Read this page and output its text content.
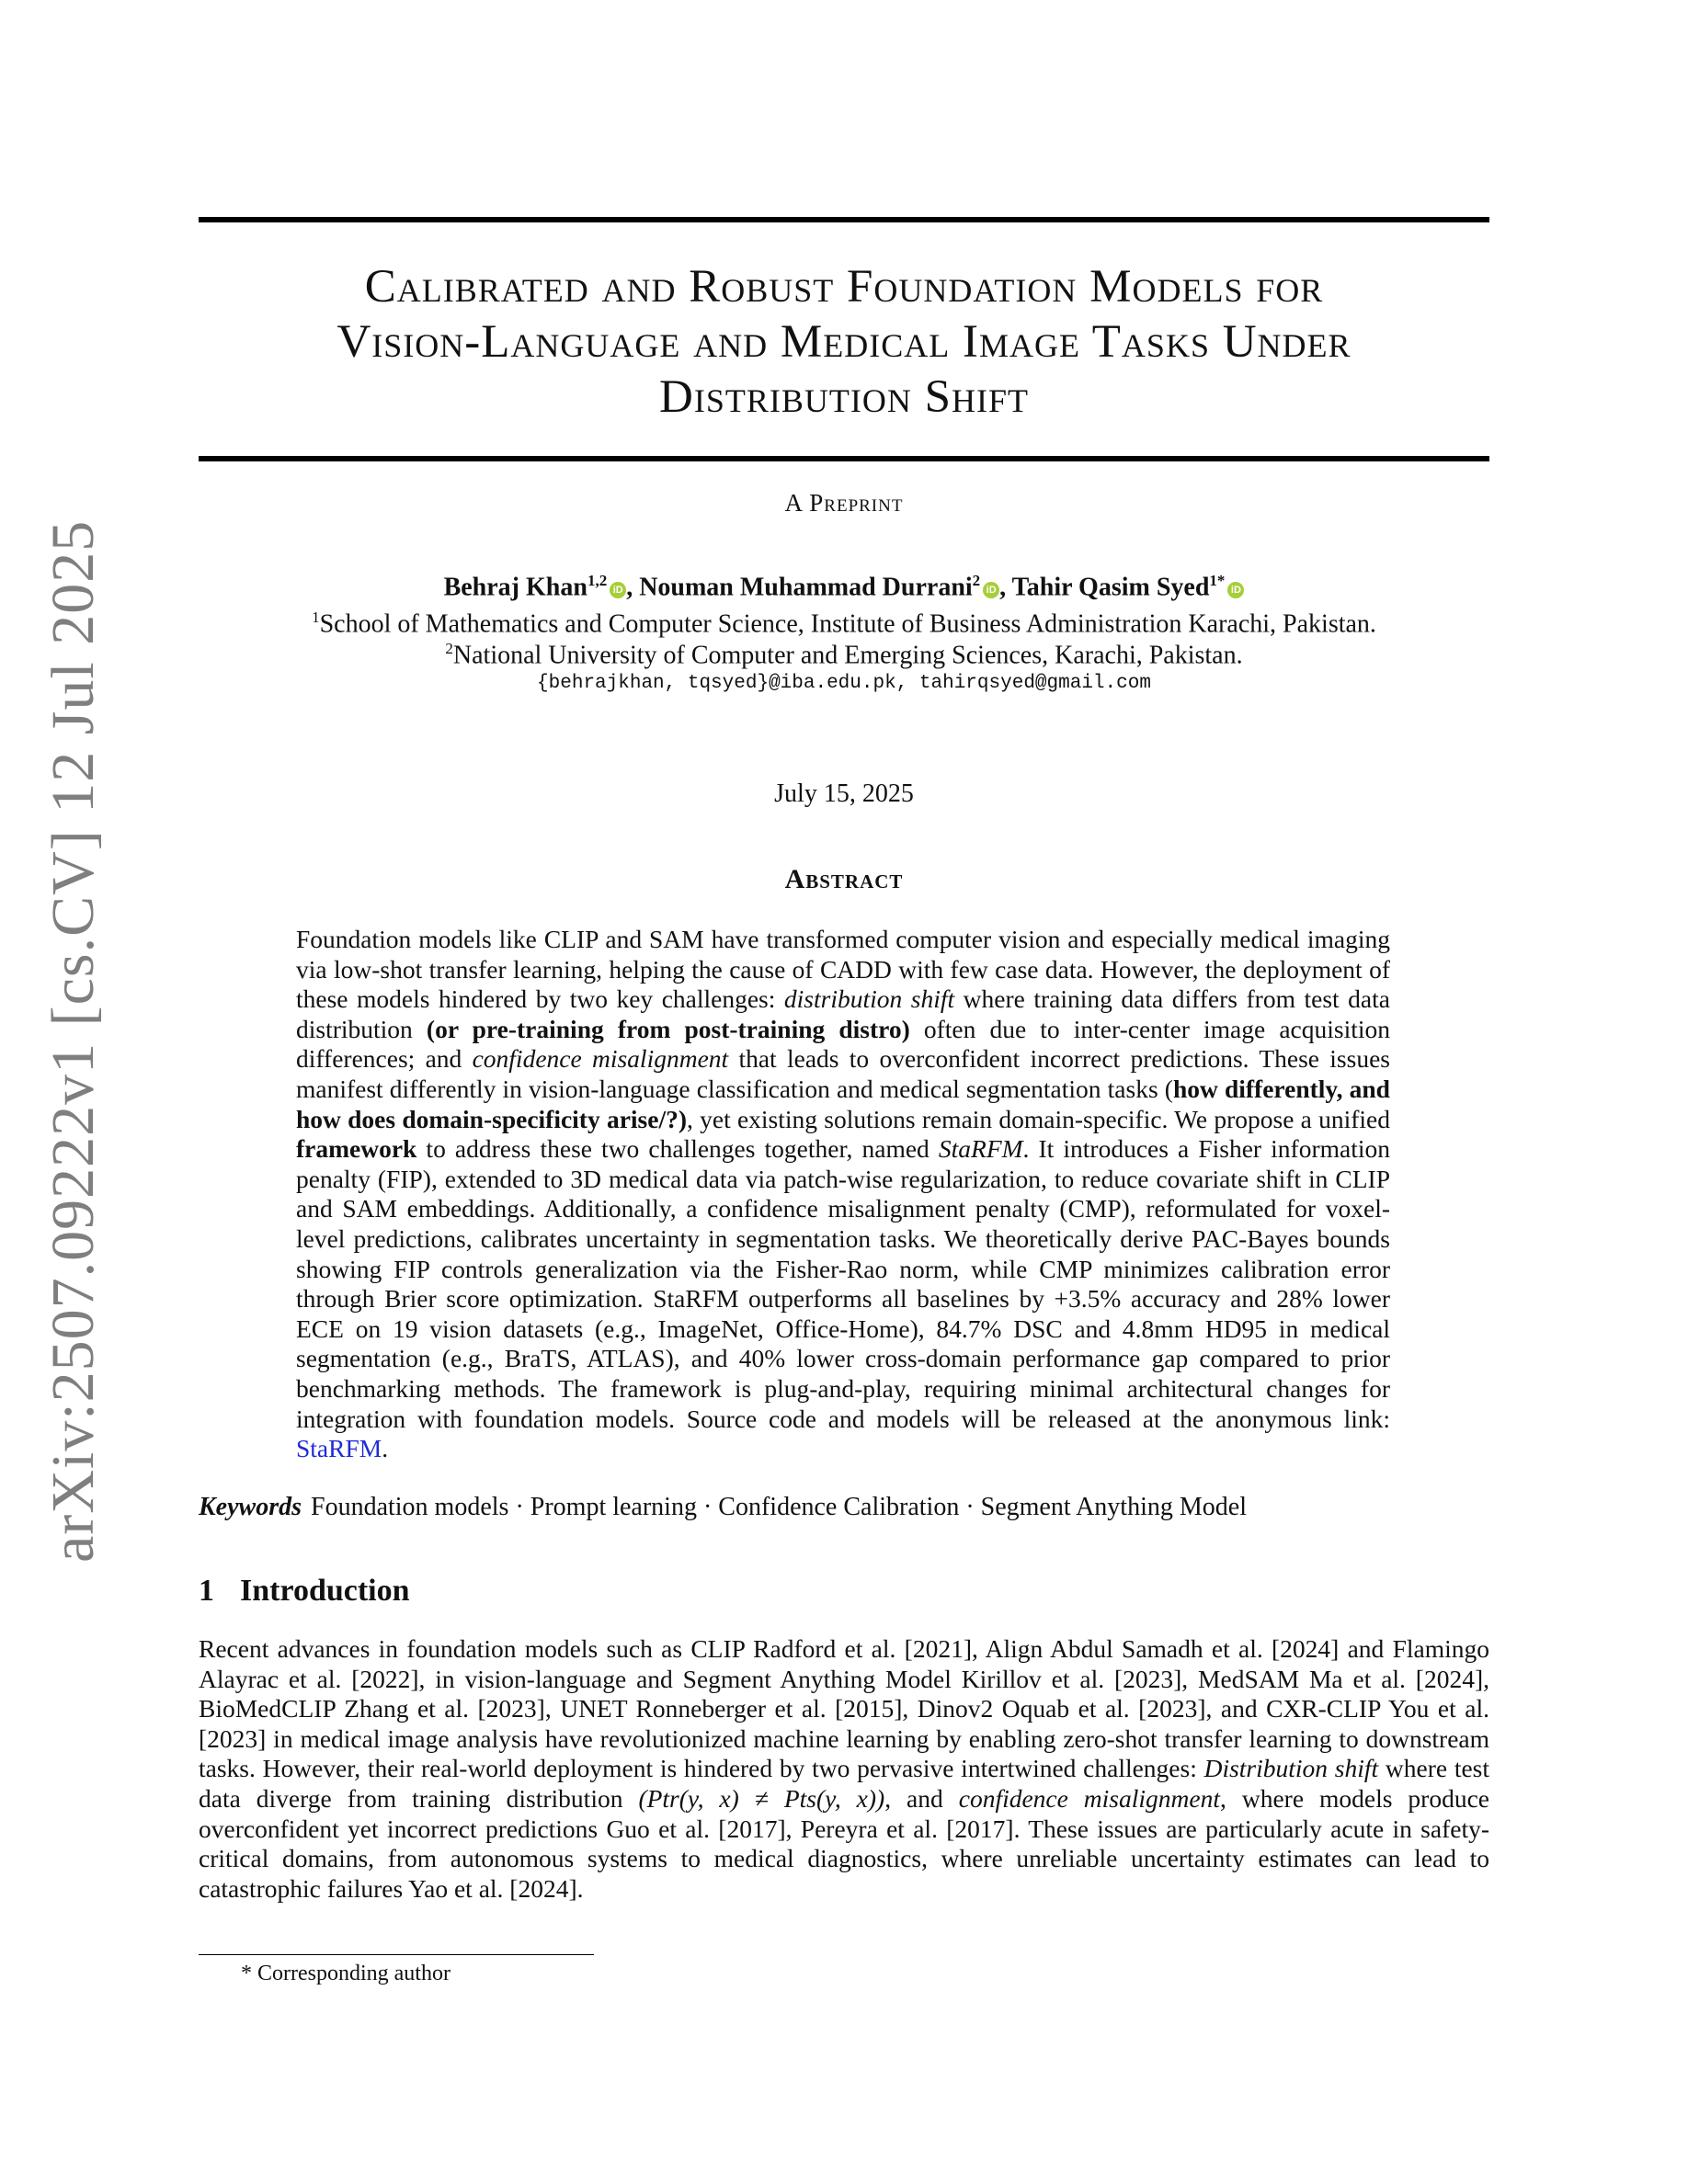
arXiv:2507.09222v1 [cs.CV] 12 Jul 2025
Calibrated and Robust Foundation Models for
Vision-Language and Medical Image Tasks Under
Distribution Shift
A Preprint
Behraj Khan$^{1,2}$iD , Nouman Muhammad Durrani$^2$iD , Tahir Qasim Syed$^{1*}$iD
$^1$School of Mathematics and Computer Science, Institute of Business Administration Karachi, Pakistan.
$^2$National University of Computer and Emerging Sciences, Karachi, Pakistan.
{behrajkhan, tqsyed}@iba.edu.pk, tahirqsyed@gmail.com
July 15, 2025
Abstract
Foundation models like CLIP and SAM have transformed computer vision and especially medical imaging via low-shot transfer learning, helping the cause of CADD with few case data. However, the deployment of these models hindered by two key challenges: distribution shift where training data differs from test data distribution (or pre-training from post-training distro) often due to inter-center image acquisition differences; and confidence misalignment that leads to overconfident incorrect predictions. These issues manifest differently in vision-language classification and medical segmentation tasks (how differently, and how does domain-specificity arise/?), yet existing solutions remain domain-specific. We propose a unified framework to address these two challenges together, named StaRFM. It introduces a Fisher information penalty (FIP), extended to 3D medical data via patch-wise regularization, to reduce covariate shift in CLIP and SAM embeddings. Additionally, a confidence misalignment penalty (CMP), reformulated for voxel-level predictions, calibrates uncertainty in segmentation tasks. We theoretically derive PAC-Bayes bounds showing FIP controls generalization via the Fisher-Rao norm, while CMP minimizes calibration error through Brier score optimization. StaRFM outperforms all baselines by +3.5% accuracy and 28% lower ECE on 19 vision datasets (e.g., ImageNet, Office-Home), 84.7% DSC and 4.8mm HD95 in medical segmentation (e.g., BraTS, ATLAS), and 40% lower cross-domain performance gap compared to prior benchmarking methods. The framework is plug-and-play, requiring minimal architectural changes for integration with foundation models. Source code and models will be released at the anonymous link: StaRFM.
Keywords Foundation models · Prompt learning · Confidence Calibration · Segment Anything Model
1 Introduction
Recent advances in foundation models such as CLIP Radford et al. [2021], Align Abdul Samadh et al. [2024] and Flamingo Alayrac et al. [2022], in vision-language and Segment Anything Model Kirillov et al. [2023], MedSAM Ma et al. [2024], BioMedCLIP Zhang et al. [2023], UNET Ronneberger et al. [2015], Dinov2 Oquab et al. [2023], and CXR-CLIP You et al. [2023] in medical image analysis have revolutionized machine learning by enabling zero-shot transfer learning to downstream tasks. However, their real-world deployment is hindered by two pervasive intertwined challenges: Distribution shift where test data diverge from training distribution (Ptr(y, x) ≠ Pts(y, x)), and confidence misalignment, where models produce overconfident yet incorrect predictions Guo et al. [2017], Pereyra et al. [2017]. These issues are particularly acute in safety-critical domains, from autonomous systems to medical diagnostics, where unreliable uncertainty estimates can lead to catastrophic failures Yao et al. [2024].
* Corresponding author
